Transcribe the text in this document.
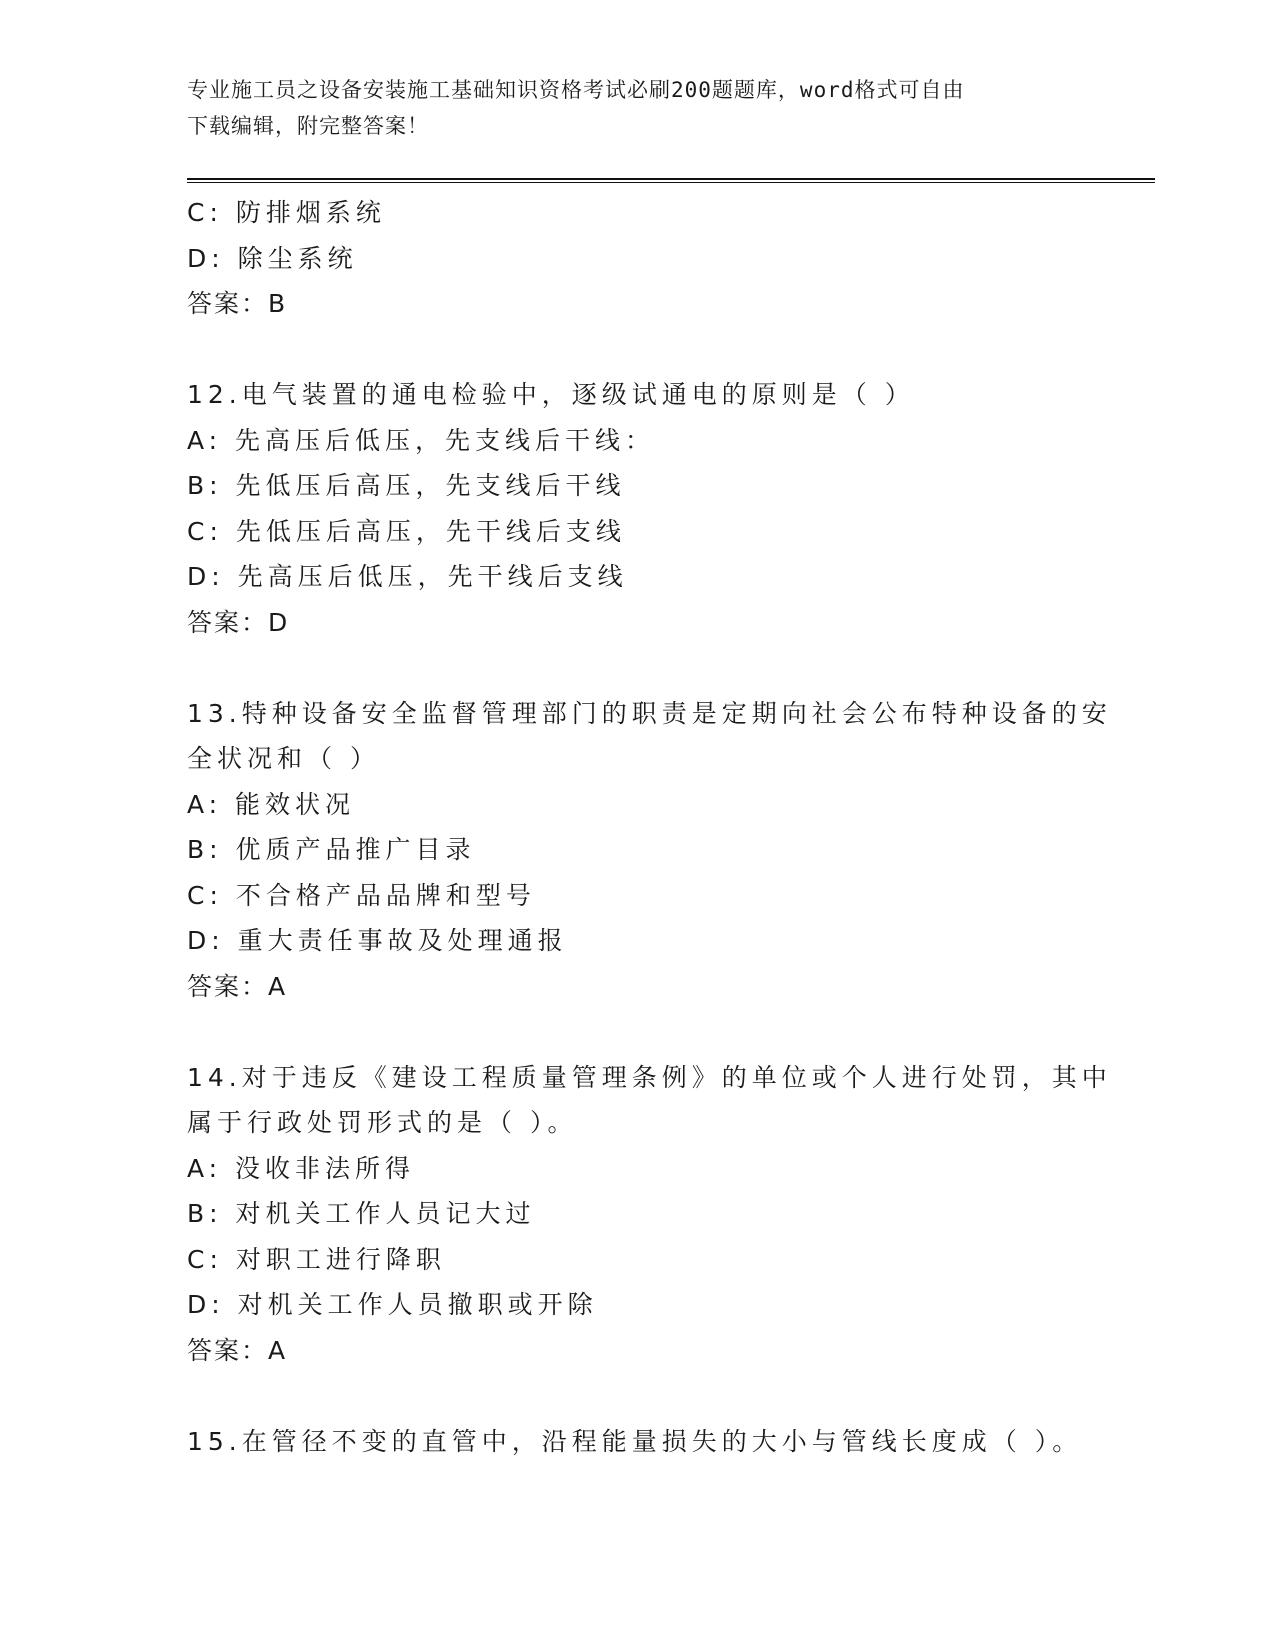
专业施工员之设备安装施工基础知识资格考试必刷200题题库，word格式可自由
下载编辑，附完整答案！
C: 防排烟系统
D: 除尘系统
答案：B
12.电气装置的通电检验中，逐级试通电的原则是（ ）
A: 先高压后低压，先支线后干线：
B: 先低压后高压，先支线后干线
C: 先低压后高压，先干线后支线
D: 先高压后低压，先干线后支线
答案：D
13.特种设备安全监督管理部门的职责是定期向社会公布特种设备的安
全状况和（ ）
A: 能效状况
B: 优质产品推广目录
C: 不合格产品品牌和型号
D: 重大责任事故及处理通报
答案：A
14.对于违反《建设工程质量管理条例》的单位或个人进行处罚，其中
属于行政处罚形式的是（ ）。
A: 没收非法所得
B: 对机关工作人员记大过
C: 对职工进行降职
D: 对机关工作人员撤职或开除
答案：A
15.在管径不变的直管中，沿程能量损失的大小与管线长度成（ ）。
